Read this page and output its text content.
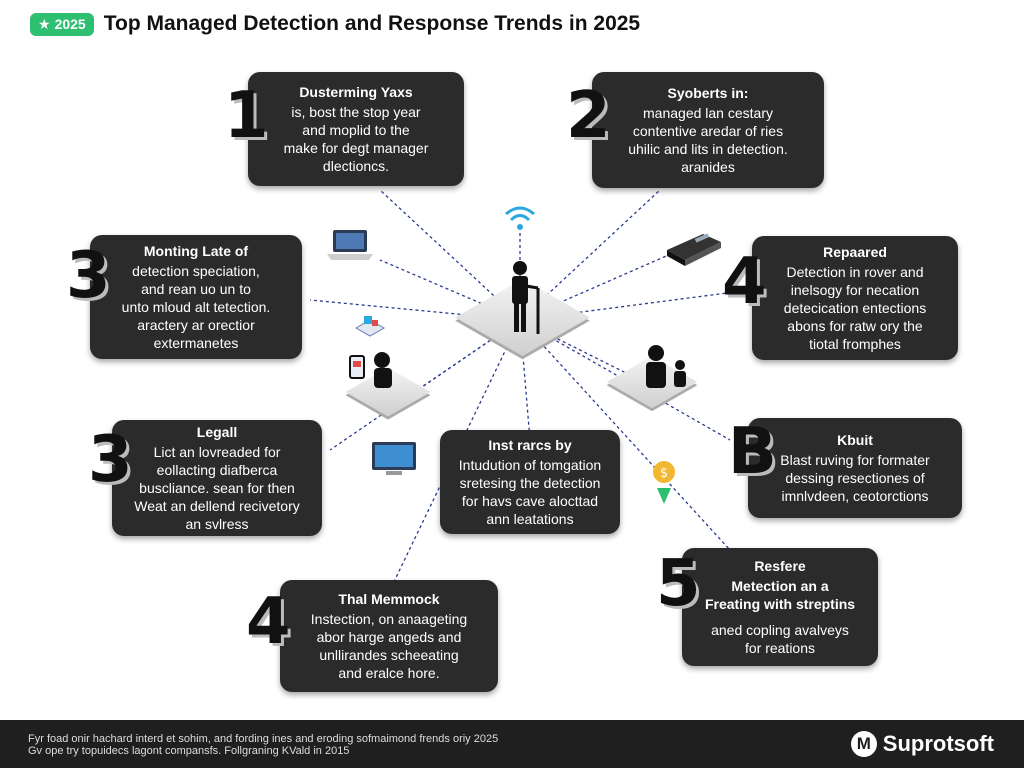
★ 2025 Top Managed Detection and Response Trends in 2025
$
Dusterming Yaxs
is, bost the stop year
and moplid to the
make for degt manager
dlectioncs.
1	Syoberts in:
managed lan cestary
contentive aredar of ries
uhilic and lits in detection.
aranides
2
Monting Late of
detection speciation,
and rean uo un to
unto mloud alt tetection.
aractery ar orectior
extermanetes
3	Repaared
Detection in rover and
inelsogy for necation
detecication entections
abons for ratw ory the
tiotal fromphes
4
Legall
Lict an lovreaded for
eollacting diafberca
buscliance. sean for then
Weat an dellend recivetory
an svlress
3	Inst rarcs by
Intudution of tomgation
sretesing the detection
for havs cave alocttad
ann leatations
Kbuit
Blast ruving for formater
dessing resectiones of
imnlvdeen, ceotorctions
B
Thal Memmock
Instection, on anaageting
abor harge angeds and
unllirandes scheeating
and eralce hore.
4
Resfere
Metection an a
Freating with streptins
aned copling avalveys
for reations
5
Fyr foad onir hachard interd et sohim, and fording ines and eroding sofmaimond frends oriy 2025
Gv ope try topuidecs lagont compansfs. Follgraning KVald in 2015	M Suprotsoft
